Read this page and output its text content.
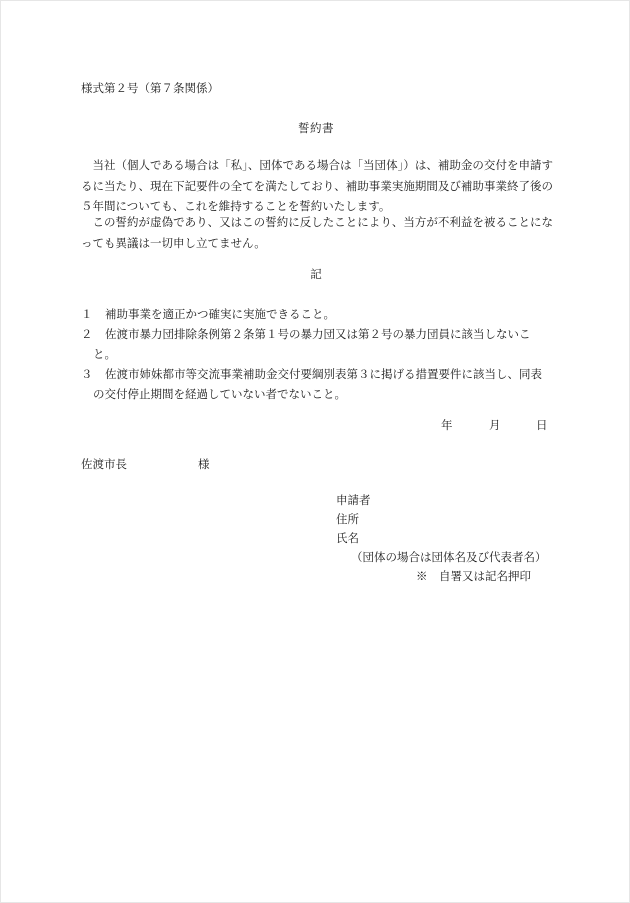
様式第２号（第７条関係）
誓約書
当社（個人である場合は「私」、団体である場合は「当団体」）は、補助金の交付を申請するに当たり、現在下記要件の全てを満たしており、補助事業実施期間及び補助事業終了後の５年間についても、これを維持することを誓約いたします。
この誓約が虚偽であり、又はこの誓約に反したことにより、当方が不利益を被ることになっても異議は一切申し立てません。
記
１	補助事業を適正かつ確実に実施できること。
２	佐渡市暴力団排除条例第２条第１号の暴力団又は第２号の暴力団員に該当しないこと。
３	佐渡市姉妹都市等交流事業補助金交付要綱別表第３に掲げる措置要件に該当し、同表の交付停止期間を経過していない者でないこと。
年	月	日
佐渡市長	様
申請者
住所
氏名
（団体の場合は団体名及び代表者名）
※　自署又は記名押印
